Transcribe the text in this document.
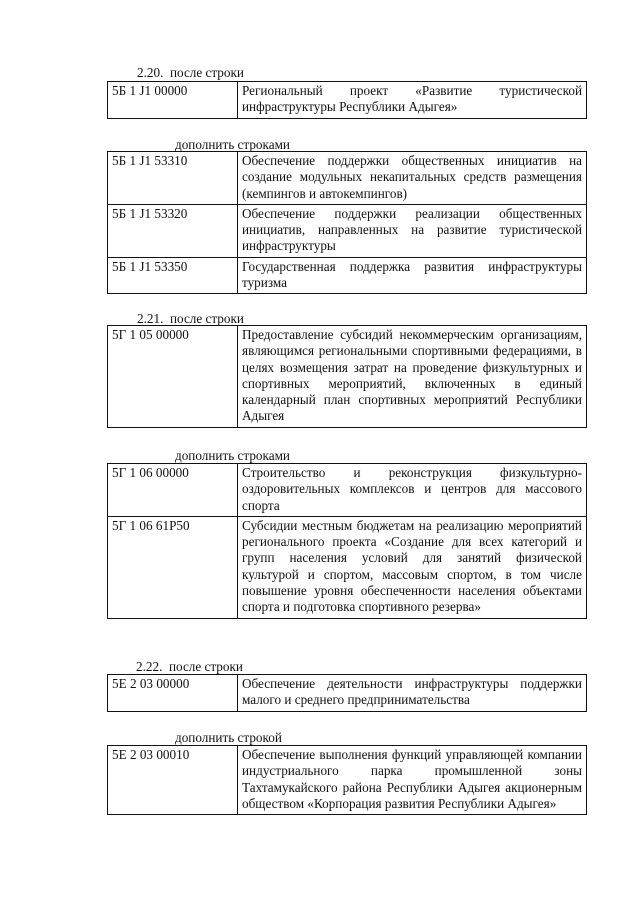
2.20. после строки
5Б 1 J1 00000	Региональный проект «Развитие туристической инфраструктуры Республики Адыгея»
дополнить строками
5Б 1 J1 53310	Обеспечение поддержки общественных инициатив на создание модульных некапитальных средств размещения (кемпингов и автокемпингов)
5Б 1 J1 53320	Обеспечение поддержки реализации общественных инициатив, направленных на развитие туристической инфраструктуры
5Б 1 J1 53350	Государственная поддержка развития инфраструктуры туризма
2.21. после строки
5Г 1 05 00000	Предоставление субсидий некоммерческим организациям, являющимся региональными спортивными федерациями, в целях возмещения затрат на проведение физкультурных и спортивных мероприятий, включенных в единый календарный план спортивных мероприятий Республики Адыгея
дополнить строками
5Г 1 06 00000	Строительство и реконструкция физкультурно-оздоровительных комплексов и центров для массового спорта
5Г 1 06 61Р50	Субсидии местным бюджетам на реализацию мероприятий регионального проекта «Создание для всех категорий и групп населения условий для занятий физической культурой и спортом, массовым спортом, в том числе повышение уровня обеспеченности населения объектами спорта и подготовка спортивного резерва»
2.22. после строки
5Е 2 03 00000	Обеспечение деятельности инфраструктуры поддержки малого и среднего предпринимательства
дополнить строкой
5Е 2 03 00010	Обеспечение выполнения функций управляющей компании индустриального парка промышленной зоны Тахтамукайского района Республики Адыгея акционерным обществом «Корпорация развития Республики Адыгея»
